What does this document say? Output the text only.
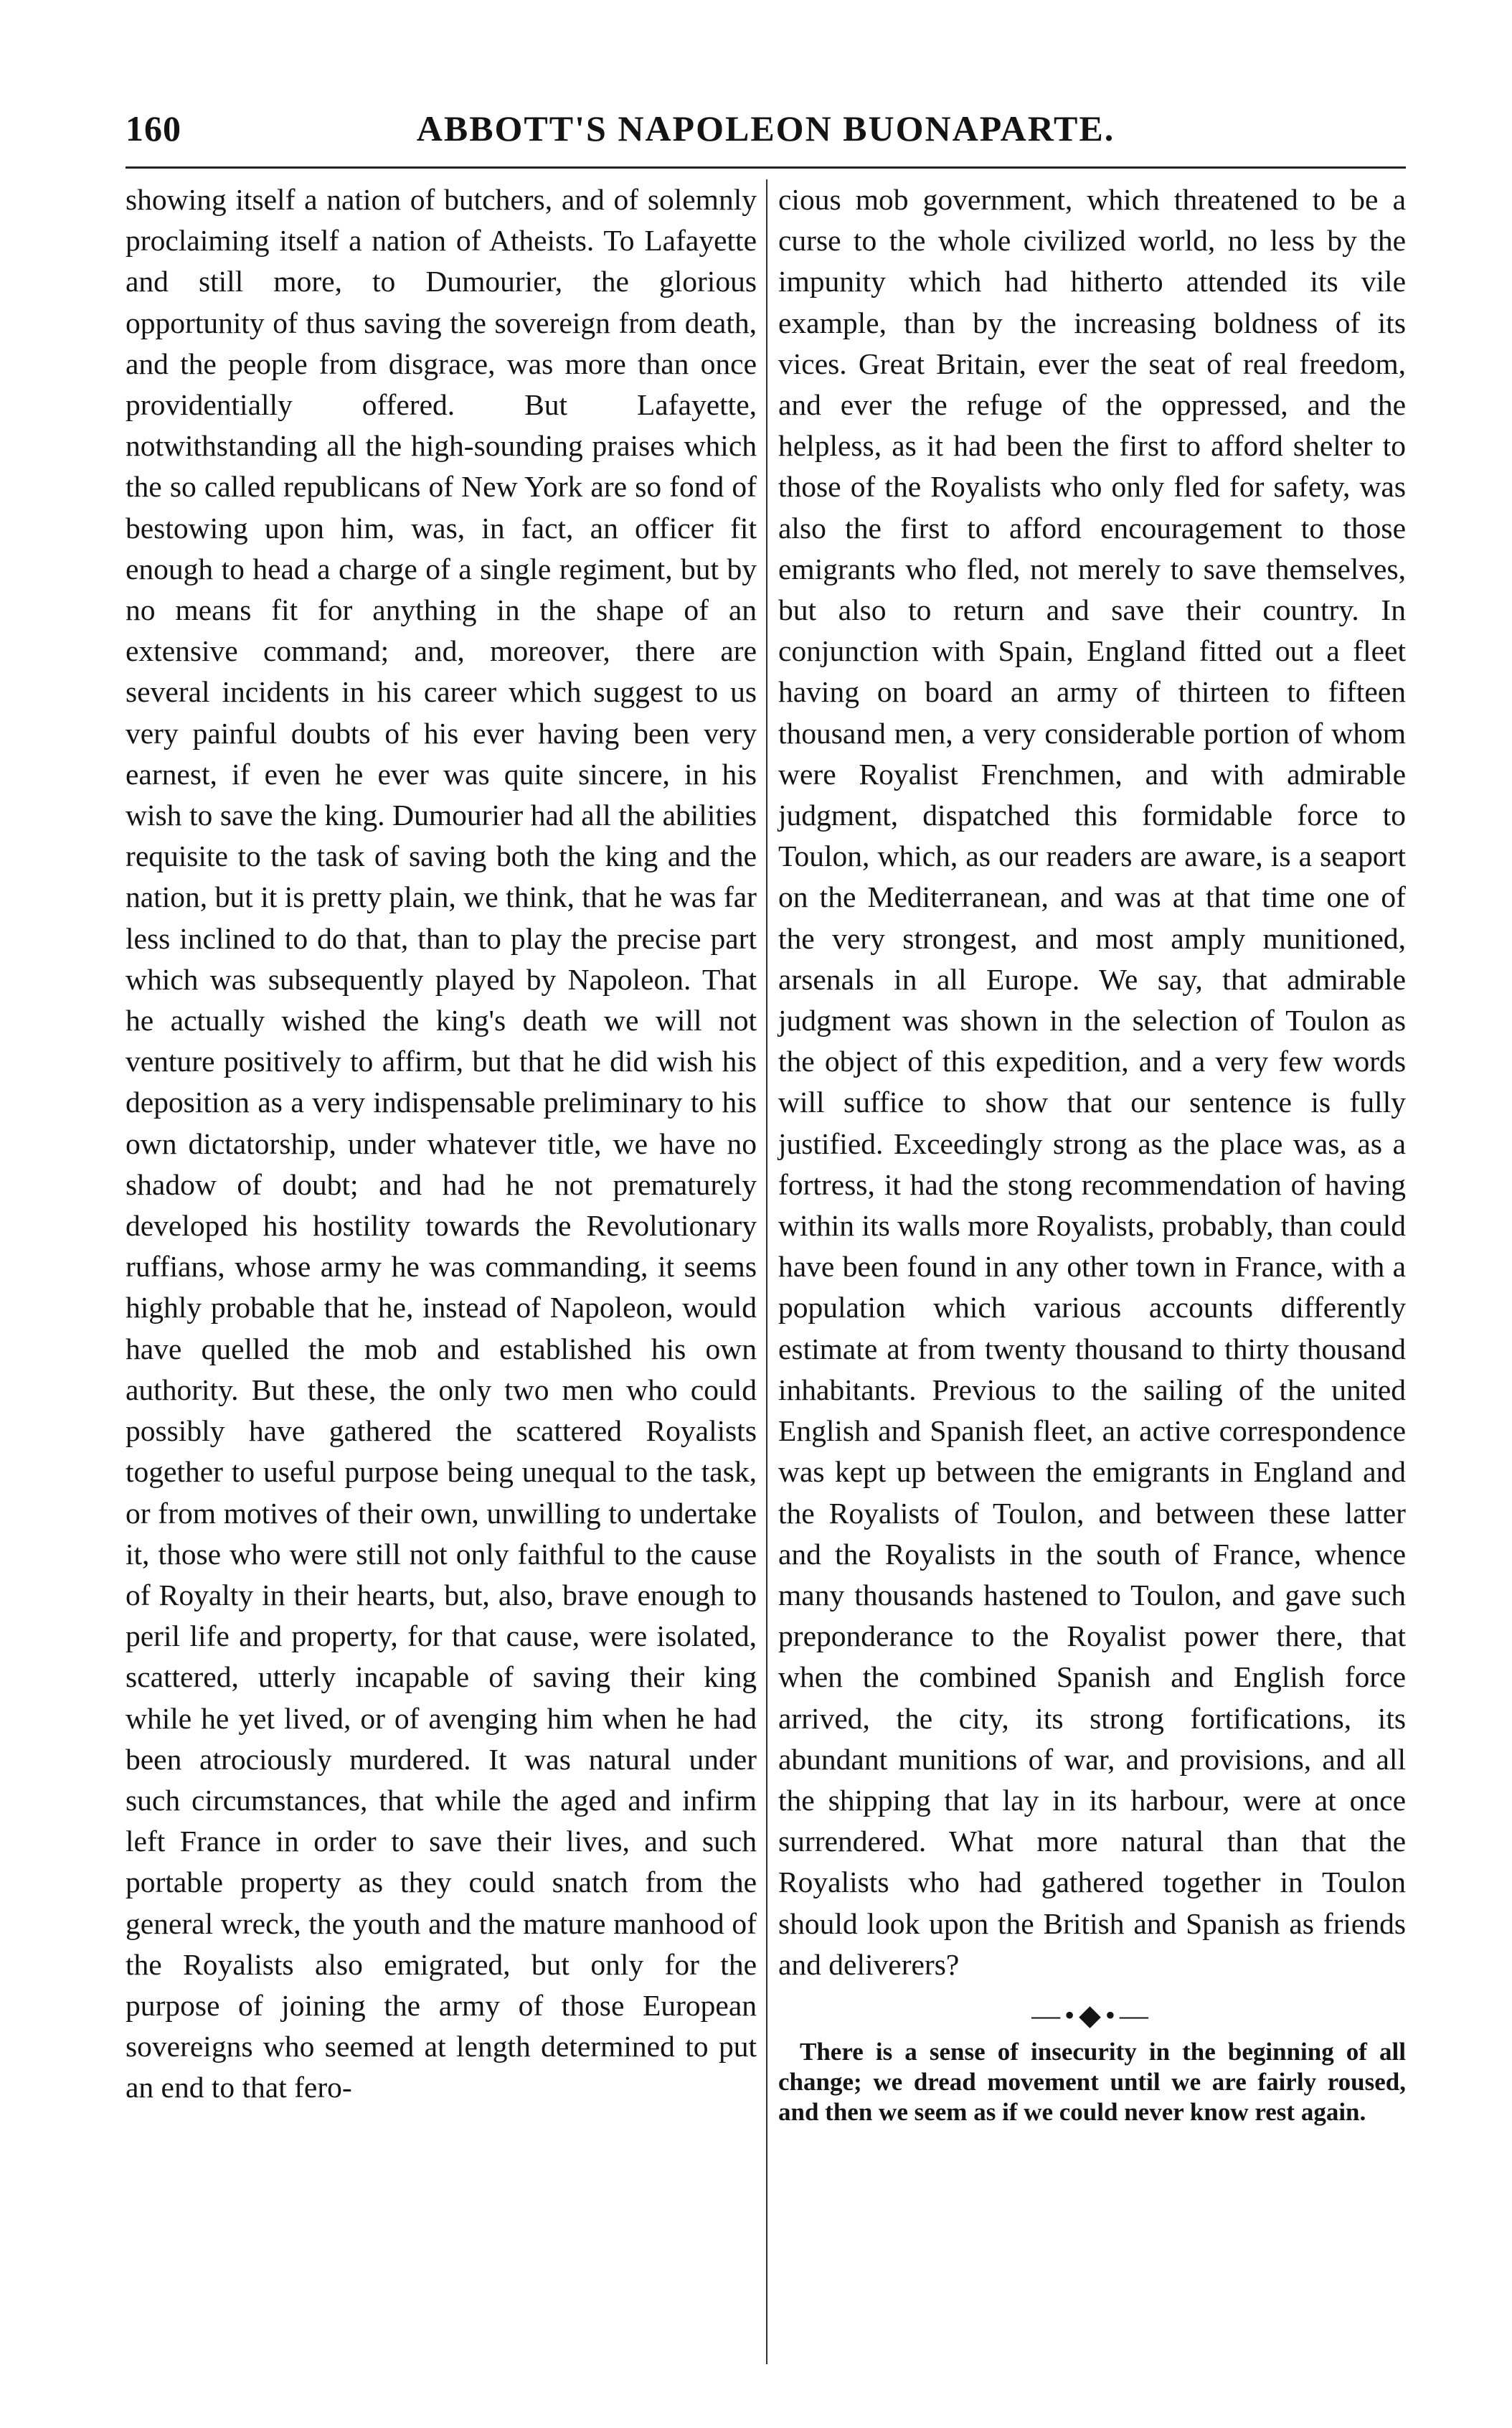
160	ABBOTT'S NAPOLEON BUONAPARTE.

showing itself a nation of butchers, and of solemnly proclaiming itself a nation of Atheists. To Lafayette and still more, to Dumourier, the glorious opportunity of thus saving the sovereign from death, and the people from disgrace, was more than once providentially offered. But Lafayette, notwithstanding all the high-sounding praises which the so called republicans of New York are so fond of bestowing upon him, was, in fact, an officer fit enough to head a charge of a single regiment, but by no means fit for anything in the shape of an extensive command; and, moreover, there are several incidents in his career which suggest to us very painful doubts of his ever having been very earnest, if even he ever was quite sincere, in his wish to save the king. Dumourier had all the abilities requisite to the task of saving both the king and the nation, but it is pretty plain, we think, that he was far less inclined to do that, than to play the precise part which was subsequently played by Napoleon. That he actually wished the king's death we will not venture positively to affirm, but that he did wish his deposition as a very indispensable preliminary to his own dictatorship, under whatever title, we have no shadow of doubt; and had he not prematurely developed his hostility towards the Revolutionary ruffians, whose army he was commanding, it seems highly probable that he, instead of Napoleon, would have quelled the mob and established his own authority. But these, the only two men who could possibly have gathered the scattered Royalists together to useful purpose being unequal to the task, or from motives of their own, unwilling to undertake it, those who were still not only faithful to the cause of Royalty in their hearts, but, also, brave enough to peril life and property, for that cause, were isolated, scattered, utterly incapable of saving their king while he yet lived, or of avenging him when he had been atrociously murdered. It was natural under such circumstances, that while the aged and infirm left France in order to save their lives, and such portable property as they could snatch from the general wreck, the youth and the mature manhood of the Royalists also emigrated, but only for the purpose of joining the army of those European sovereigns who seemed at length determined to put an end to that fero-

cious mob government, which threatened to be a curse to the whole civilized world, no less by the impunity which had hitherto attended its vile example, than by the increasing boldness of its vices. Great Britain, ever the seat of real freedom, and ever the refuge of the oppressed, and the helpless, as it had been the first to afford shelter to those of the Royalists who only fled for safety, was also the first to afford encouragement to those emigrants who fled, not merely to save themselves, but also to return and save their country. In conjunction with Spain, England fitted out a fleet having on board an army of thirteen to fifteen thousand men, a very considerable portion of whom were Royalist Frenchmen, and with admirable judgment, dispatched this formidable force to Toulon, which, as our readers are aware, is a seaport on the Mediterranean, and was at that time one of the very strongest, and most amply munitioned, arsenals in all Europe. We say, that admirable judgment was shown in the selection of Toulon as the object of this expedition, and a very few words will suffice to show that our sentence is fully justified. Exceedingly strong as the place was, as a fortress, it had the stong recommendation of having within its walls more Royalists, probably, than could have been found in any other town in France, with a population which various accounts differently estimate at from twenty thousand to thirty thousand inhabitants. Previous to the sailing of the united English and Spanish fleet, an active correspondence was kept up between the emigrants in England and the Royalists of Toulon, and between these latter and the Royalists in the south of France, whence many thousands hastened to Toulon, and gave such preponderance to the Royalist power there, that when the combined Spanish and English force arrived, the city, its strong fortifications, its abundant munitions of war, and provisions, and all the shipping that lay in its harbour, were at once surrendered. What more natural than that the Royalists who had gathered together in Toulon should look upon the British and Spanish as friends and deliverers?

—•◆•—

There is a sense of insecurity in the beginning of all change; we dread movement until we are fairly roused, and then we seem as if we could never know rest again.
